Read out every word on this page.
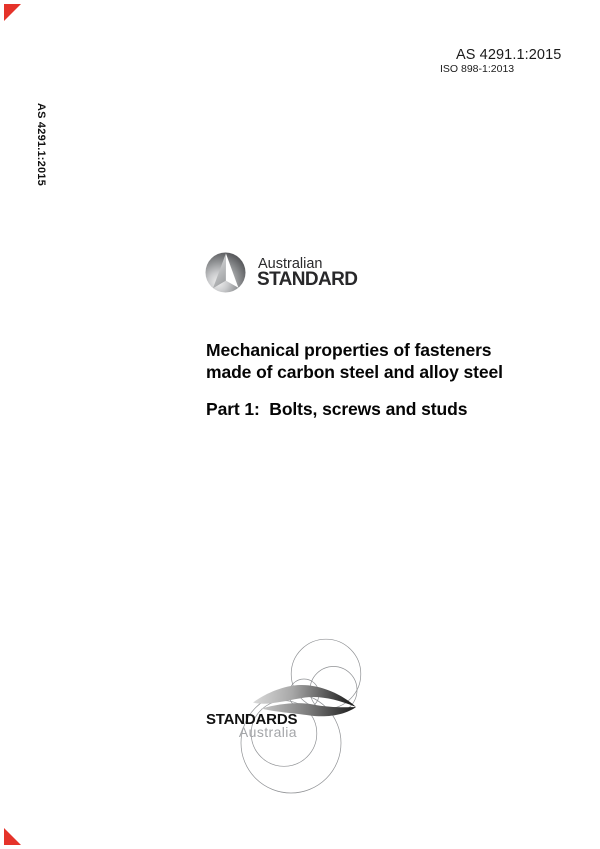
AS 4291.1:2015
ISO 898-1:2013
AS 4291.1:2015
Australian
STANDARD
Mechanical properties of fasteners
made of carbon steel and alloy steel
Part 1:  Bolts, screws and studs
STANDARDS
Australia
